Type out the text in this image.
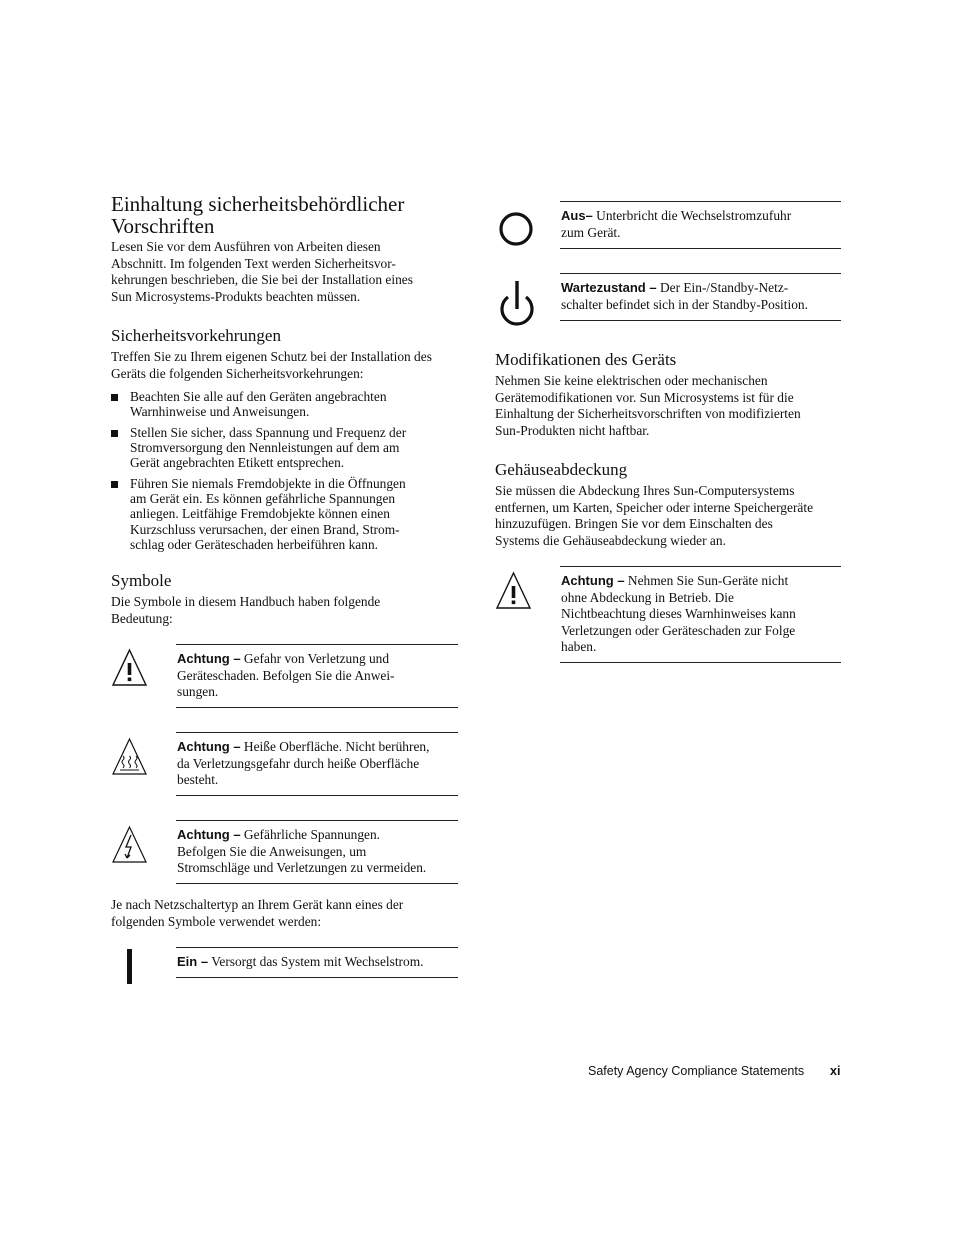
Einhaltung sicherheitsbehördlicher
Vorschriften
Lesen Sie vor dem Ausführen von Arbeiten diesen
Abschnitt. Im folgenden Text werden Sicherheitsvor-
kehrungen beschrieben, die Sie bei der Installation eines
Sun Microsystems-Produkts beachten müssen.
Sicherheitsvorkehrungen
Treffen Sie zu Ihrem eigenen Schutz bei der Installation des
Geräts die folgenden Sicherheitsvorkehrungen:
Beachten Sie alle auf den Geräten angebrachten
Warnhinweise und Anweisungen.
Stellen Sie sicher, dass Spannung und Frequenz der
Stromversorgung den Nennleistungen auf dem am
Gerät angebrachten Etikett entsprechen.
Führen Sie niemals Fremdobjekte in die Öffnungen
am Gerät ein. Es können gefährliche Spannungen
anliegen. Leitfähige Fremdobjekte können einen
Kurzschluss verursachen, der einen Brand, Strom-
schlag oder Geräteschaden herbeiführen kann.
Symbole
Die Symbole in diesem Handbuch haben folgende
Bedeutung:
Achtung – Gefahr von Verletzung und
Geräteschaden. Befolgen Sie die Anwei-
sungen.
Achtung – Heiße Oberfläche. Nicht berühren,
da Verletzungsgefahr durch heiße Oberfläche
besteht.
Achtung – Gefährliche Spannungen.
Befolgen Sie die Anweisungen, um
Stromschläge und Verletzungen zu vermeiden.
Je nach Netzschaltertyp an Ihrem Gerät kann eines der
folgenden Symbole verwendet werden:
Ein – Versorgt das System mit Wechselstrom.
Aus– Unterbricht die Wechselstromzufuhr
zum Gerät.
Wartezustand – Der Ein-/Standby-Netz-
schalter befindet sich in der Standby-Position.
Modifikationen des Geräts
Nehmen Sie keine elektrischen oder mechanischen
Gerätemodifikationen vor. Sun Microsystems ist für die
Einhaltung der Sicherheitsvorschriften von modifizierten
Sun-Produkten nicht haftbar.
Gehäuseabdeckung
Sie müssen die Abdeckung Ihres Sun-Computersystems
entfernen, um Karten, Speicher oder interne Speichergeräte
hinzuzufügen. Bringen Sie vor dem Einschalten des
Systems die Gehäuseabdeckung wieder an.
Achtung – Nehmen Sie Sun-Geräte nicht
ohne Abdeckung in Betrieb. Die
Nichtbeachtung dieses Warnhinweises kann
Verletzungen oder Geräteschaden zur Folge
haben.
Safety Agency Compliance Statements xi
